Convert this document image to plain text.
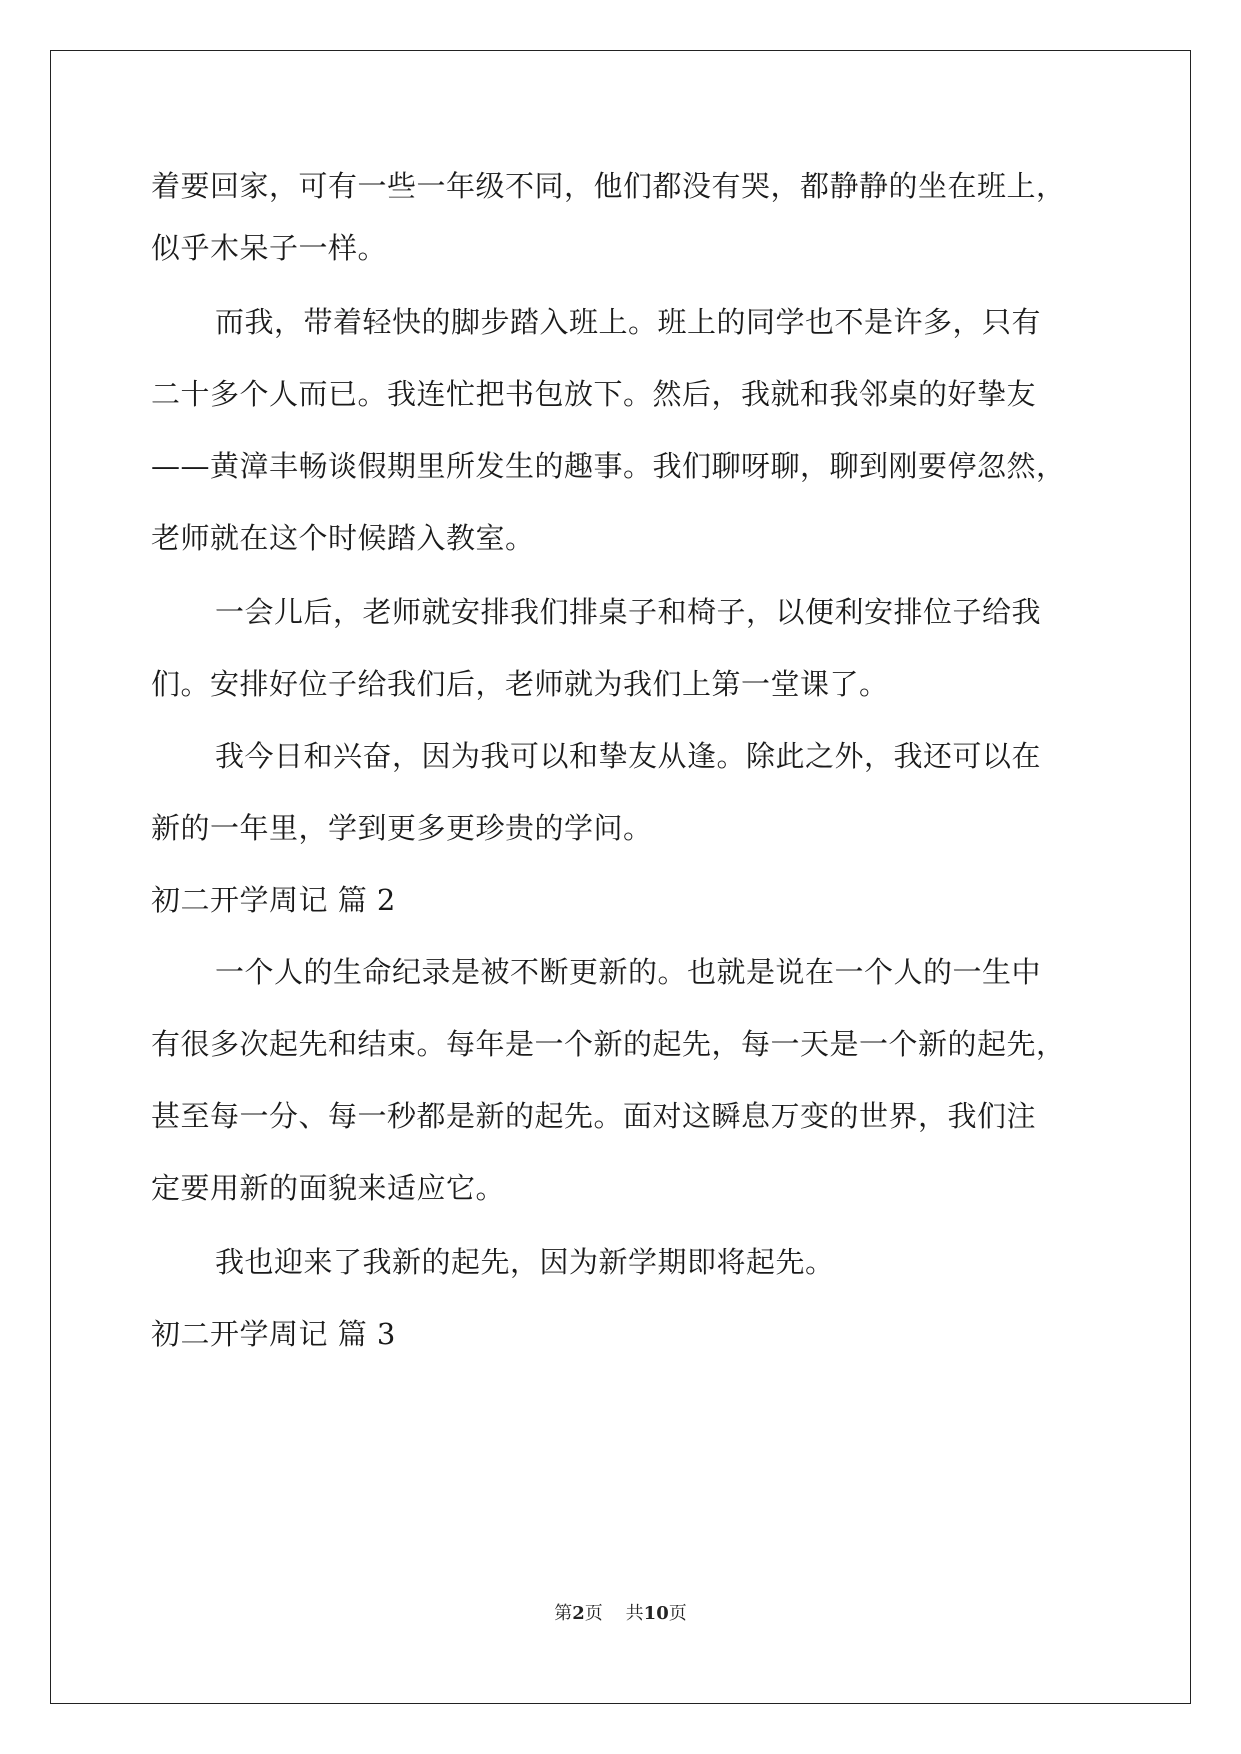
着要回家，可有一些一年级不同，他们都没有哭，都静静的坐在班上，
似乎木呆子一样。
而我，带着轻快的脚步踏入班上。班上的同学也不是许多，只有
二十多个人而已。我连忙把书包放下。然后，我就和我邻桌的好挚友
——黄漳丰畅谈假期里所发生的趣事。我们聊呀聊，聊到刚要停忽然，
老师就在这个时候踏入教室。
一会儿后，老师就安排我们排桌子和椅子，以便利安排位子给我
们。安排好位子给我们后，老师就为我们上第一堂课了。
我今日和兴奋，因为我可以和挚友从逢。除此之外，我还可以在
新的一年里，学到更多更珍贵的学问。
初二开学周记 篇 2
一个人的生命纪录是被不断更新的。也就是说在一个人的一生中
有很多次起先和结束。每年是一个新的起先，每一天是一个新的起先，
甚至每一分、每一秒都是新的起先。面对这瞬息万变的世界，我们注
定要用新的面貌来适应它。
我也迎来了我新的起先，因为新学期即将起先。
初二开学周记 篇 3
第2页 共10页
